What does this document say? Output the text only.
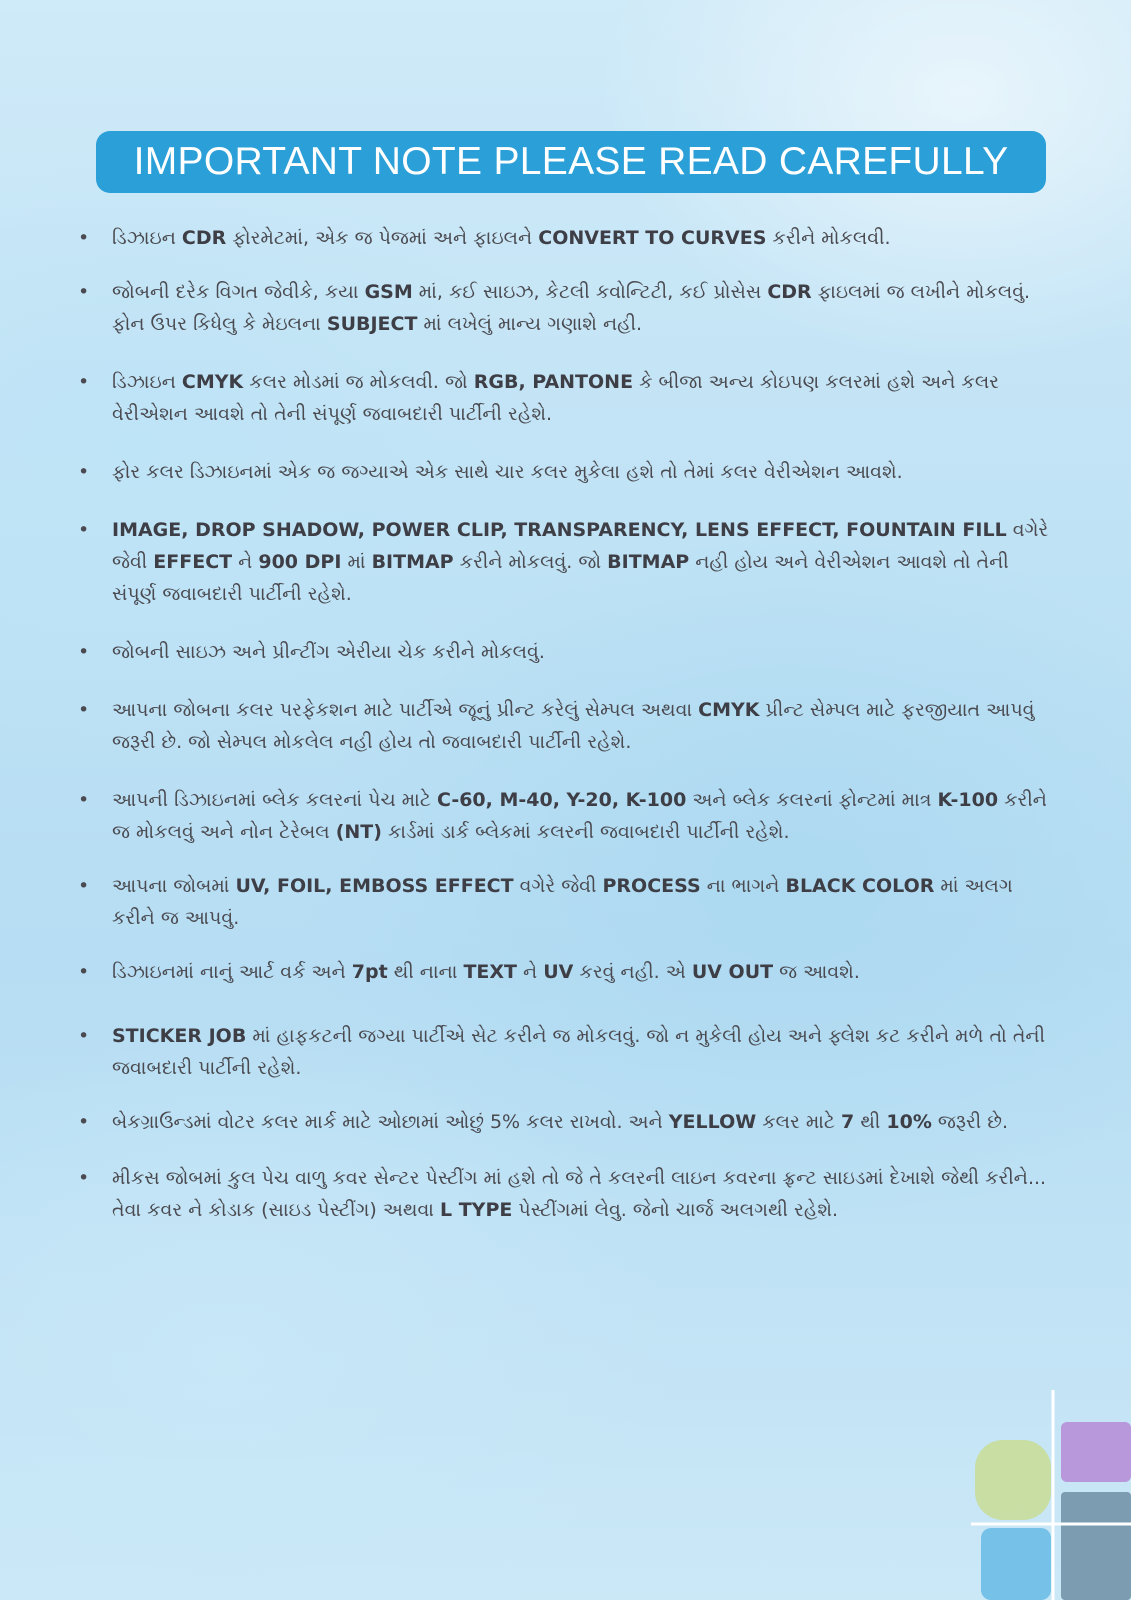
IMPORTANT NOTE PLEASE READ CAREFULLY
• ડિઝાઇન CDR ફોરમેટમાં, એક જ પેજમાં અને ફાઇલને CONVERT TO CURVES કરીને મોકલવી.
• જોબની દરેક વિગત જેવીકે, કયા GSM માં, કઈ સાઇઝ, કેટલી કવોન્ટિટી, કઈ પ્રોસેસ CDR ફાઇલમાં જ લખીને મોકલવું. ફોન ઉપર કિધેલુ કે મેઇલના SUBJECT માં લખેલું માન્ય ગણાશે નહી.
• ડિઝાઇન CMYK કલર મોડમાં જ મોકલવી. જો RGB, PANTONE કે બીજા અન્ય કોઇપણ કલરમાં હશે અને કલર વેરીએશન આવશે તો તેની સંપૂર્ણ જવાબદારી પાર્ટીની રહેશે.
• ફોર કલર ડિઝાઇનમાં એક જ જગ્યાએ એક સાથે ચાર કલર મુકેલા હશે તો તેમાં કલર વેરીએશન આવશે.
• IMAGE, DROP SHADOW, POWER CLIP, TRANSPARENCY, LENS EFFECT, FOUNTAIN FILL વગેરે જેવી EFFECT ને 900 DPI માં BITMAP કરીને મોકલવું. જો BITMAP નહી હોય અને વેરીએશન આવશે તો તેની સંપૂર્ણ જવાબદારી પાર્ટીની રહેશે.
• જોબની સાઇઝ અને પ્રીન્ટીંગ એરીયા ચેક કરીને મોકલવું.
• આપના જોબના કલર પરફેકશન માટે પાર્ટીએ જૂનું પ્રીન્ટ કરેલું સેમ્પલ અથવા CMYK પ્રીન્ટ સેમ્પલ માટે ફરજીયાત આપવું જરૂરી છે. જો સેમ્પલ મોકલેલ નહી હોય તો જવાબદારી પાર્ટીની રહેશે.
• આપની ડિઝાઇનમાં બ્લેક કલરનાં પેચ માટે C-60, M-40, Y-20, K-100 અને બ્લેક કલરનાં ફોન્ટમાં માત્ર K-100 કરીને જ મોકલવું અને નોન ટેરેબલ (NT) કાર્ડમાં ડાર્ક બ્લેકમાં કલરની જવાબદારી પાર્ટીની રહેશે.
• આપના જોબમાં UV, FOIL, EMBOSS EFFECT વગેરે જેવી PROCESS ના ભાગને BLACK COLOR માં અલગ કરીને જ આપવું.
• ડિઝાઇનમાં નાનું આર્ટ વર્ક અને 7pt થી નાના TEXT ને UV કરવું નહી. એ UV OUT જ આવશે.
• STICKER JOB માં હાફકટની જગ્યા પાર્ટીએ સેટ કરીને જ મોકલવું. જો ન મુકેલી હોય અને ફ્લેશ કટ કરીને મળે તો તેની જવાબદારી પાર્ટીની રહેશે.
• બેકગ્રાઉન્ડમાં વોટર કલર માર્ક માટે ઓછામાં ઓછું 5% કલર રાખવો. અને YELLOW કલર માટે 7 થી 10% જરૂરી છે.
• મીકસ જોબમાં કુલ પેચ વાળુ કવર સેન્ટર પેસ્ટીંગ માં હશે તો જે તે કલરની લાઇન કવરના ફ્રન્ટ સાઇડમાં દેખાશે જેથી કરીને... તેવા કવર ને કોડાક (સાઇડ પેસ્ટીંગ) અથવા L TYPE પેસ્ટીંગમાં લેવુ. જેનો ચાર્જ અલગથી રહેશે.
